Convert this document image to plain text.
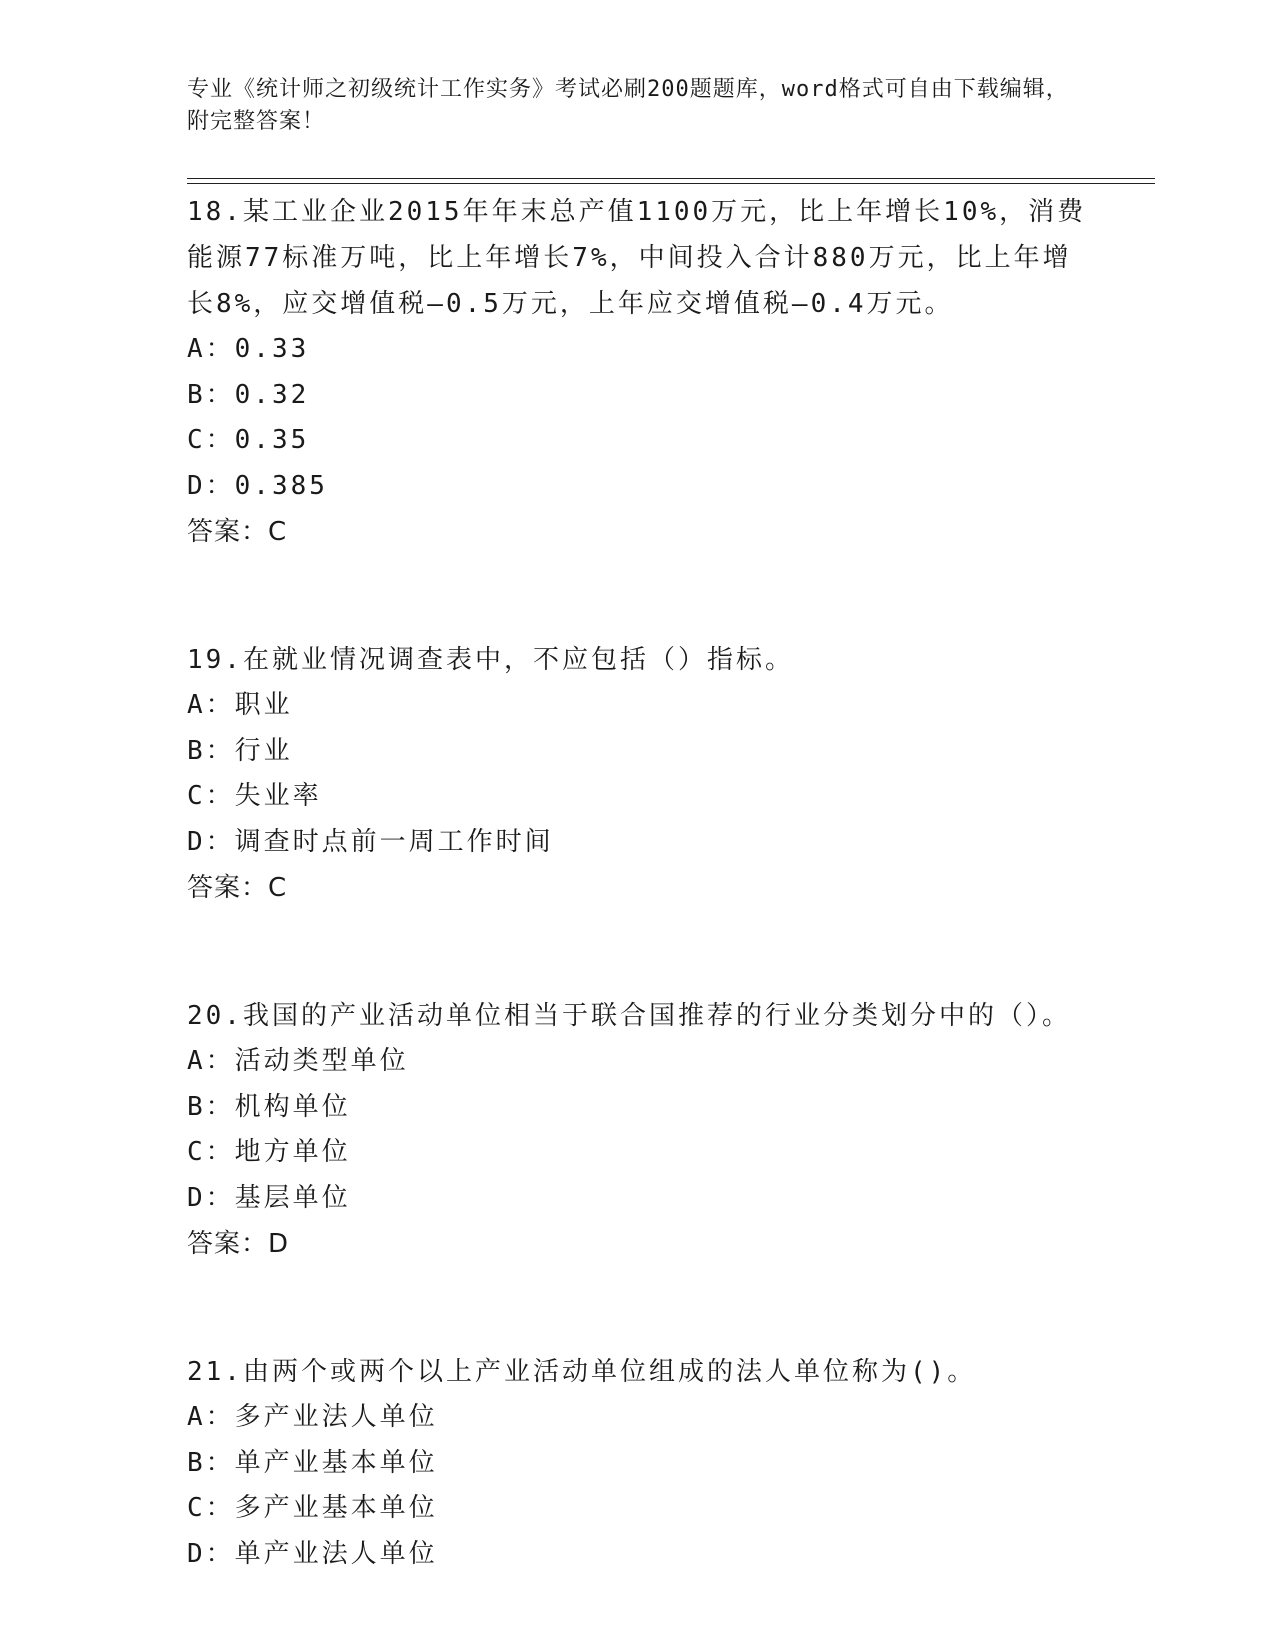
专业《统计师之初级统计工作实务》考试必刷200题题库，word格式可自由下载编辑，附完整答案！
18.某工业企业2015年年末总产值1100万元，比上年增长10%，消费能源77标准万吨，比上年增长7%，中间投入合计880万元，比上年增长8%，应交增值税—0.5万元，上年应交增值税—0.4万元。
A：0.33
B：0.32
C：0.35
D：0.385
答案：C
19.在就业情况调查表中，不应包括（）指标。
A：职业
B：行业
C：失业率
D：调查时点前一周工作时间
答案：C
20.我国的产业活动单位相当于联合国推荐的行业分类划分中的（）。
A：活动类型单位
B：机构单位
C：地方单位
D：基层单位
答案：D
21.由两个或两个以上产业活动单位组成的法人单位称为()。
A：多产业法人单位
B：单产业基本单位
C：多产业基本单位
D：单产业法人单位
